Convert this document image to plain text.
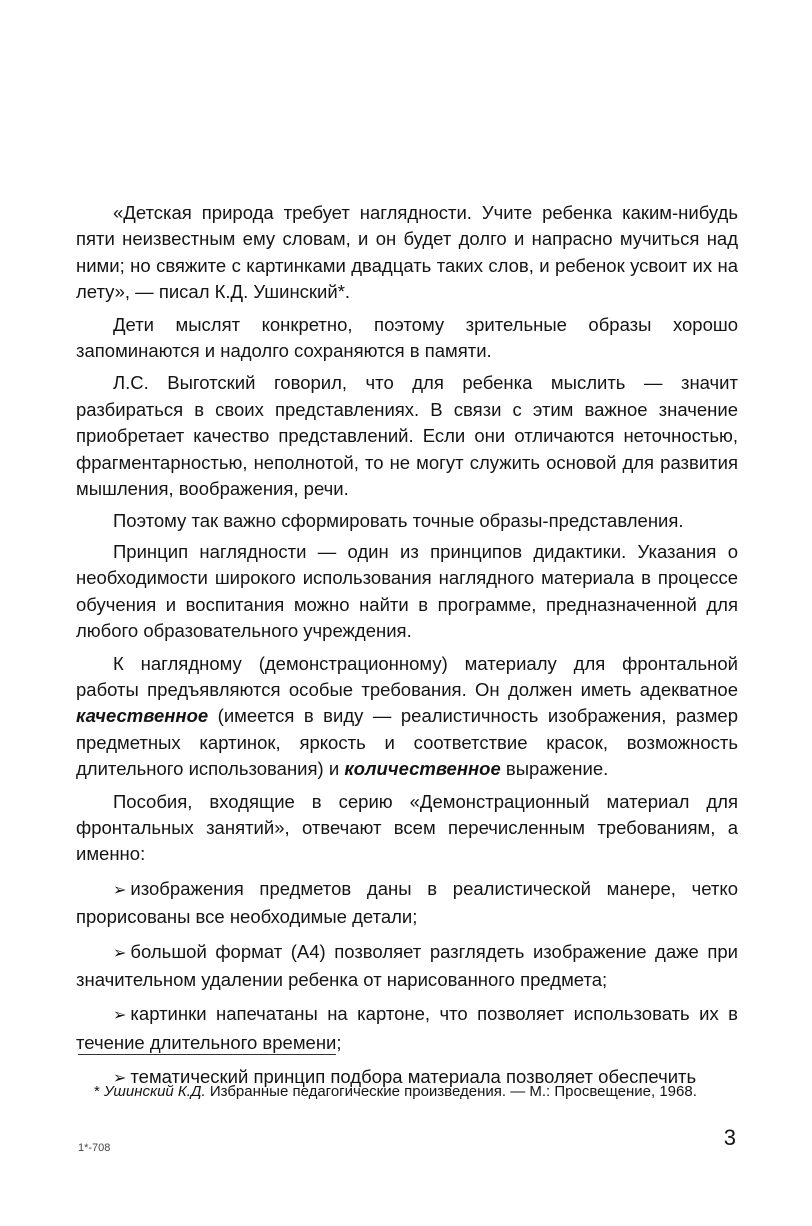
«Детская природа требует наглядности. Учите ребенка каким-нибудь пяти неизвестным ему словам, и он будет долго и напрасно мучиться над ними; но свяжите с картинками двадцать таких слов, и ребенок усвоит их на лету», — писал К.Д. Ушинский*.

Дети мыслят конкретно, поэтому зрительные образы хорошо запоминаются и надолго сохраняются в памяти.

Л.С. Выготский говорил, что для ребенка мыслить — значит разбираться в своих представлениях. В связи с этим важное значение приобретает качество представлений. Если они отличаются неточностью, фрагментарностью, неполнотой, то не могут служить основой для развития мышления, воображения, речи.

Поэтому так важно сформировать точные образы-представления.

Принцип наглядности — один из принципов дидактики. Указания о необходимости широкого использования наглядного материала в процессе обучения и воспитания можно найти в программе, предназначенной для любого образовательного учреждения.

К наглядному (демонстрационному) материалу для фронтальной работы предъявляются особые требования. Он должен иметь адекватное качественное (имеется в виду — реалистичность изображения, размер предметных картинок, яркость и соответствие красок, возможность длительного использования) и количественное выражение.

Пособия, входящие в серию «Демонстрационный материал для фронтальных занятий», отвечают всем перечисленным требованиям, а именно:

➢ изображения предметов даны в реалистической манере, четко прорисованы все необходимые детали;

➢ большой формат (А4) позволяет разглядеть изображение даже при значительном удалении ребенка от нарисованного предмета;

➢ картинки напечатаны на картоне, что позволяет использовать их в течение длительного времени;

➢ тематический принцип подбора материала позволяет обеспечить

* Ушинский К.Д. Избранные педагогические произведения. — М.: Просвещение, 1968.

1*-708	3
